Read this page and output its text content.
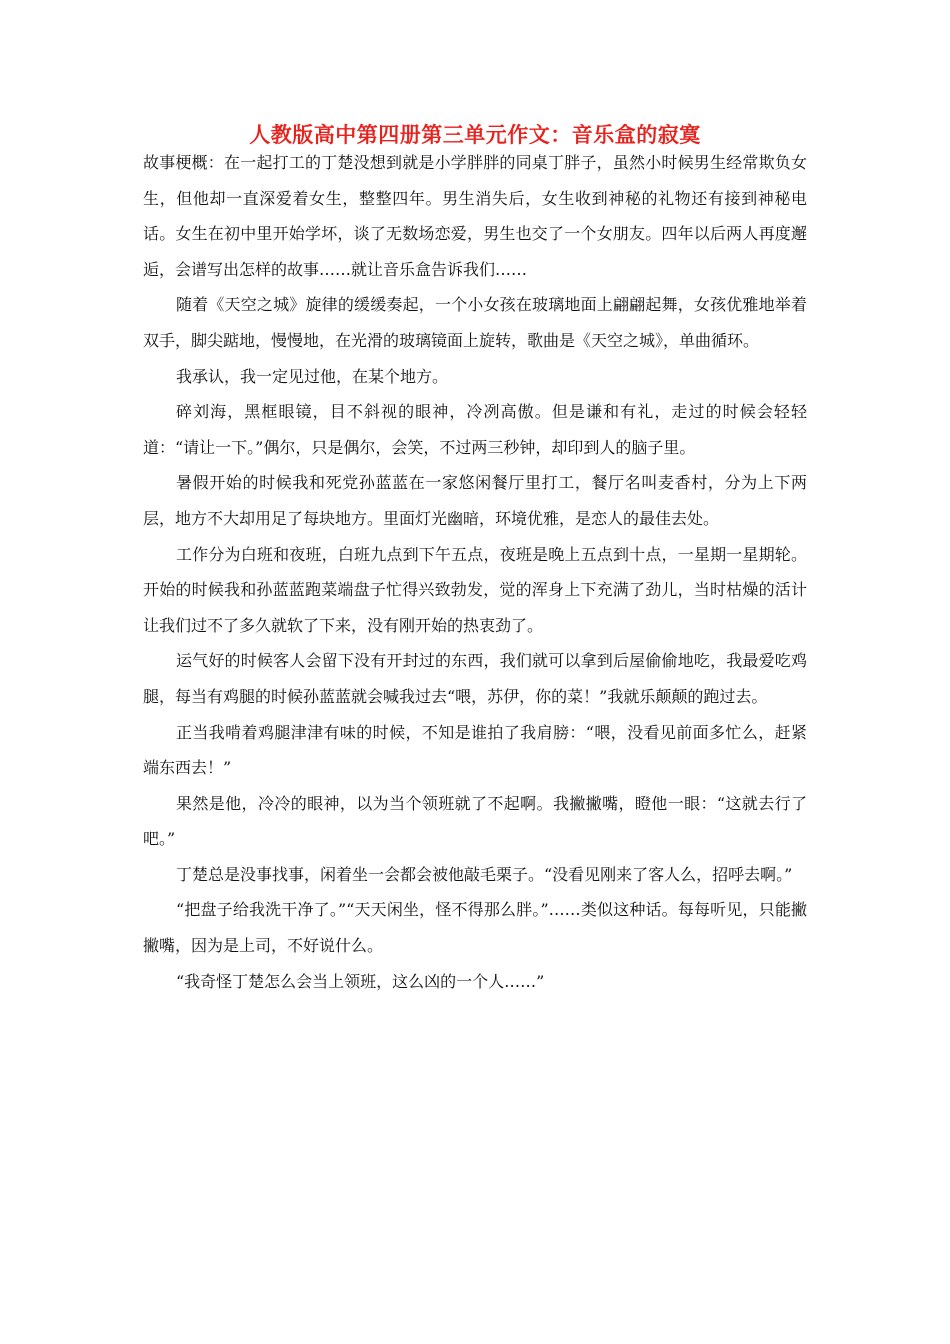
人教版高中第四册第三单元作文：音乐盒的寂寞

故事梗概：在一起打工的丁楚没想到就是小学胖胖的同桌丁胖子，虽然小时候男生经常欺负女生，但他却一直深爱着女生，整整四年。男生消失后，女生收到神秘的礼物还有接到神秘电话。女生在初中里开始学坏，谈了无数场恋爱，男生也交了一个女朋友。四年以后两人再度邂逅，会谱写出怎样的故事……就让音乐盒告诉我们……

随着《天空之城》旋律的缓缓奏起，一个小女孩在玻璃地面上翩翩起舞，女孩优雅地举着双手，脚尖踮地，慢慢地，在光滑的玻璃镜面上旋转，歌曲是《天空之城》，单曲循环。

我承认，我一定见过他，在某个地方。

碎刘海，黑框眼镜，目不斜视的眼神，冷冽高傲。但是谦和有礼，走过的时候会轻轻道：“请让一下。”偶尔，只是偶尔，会笑，不过两三秒钟，却印到人的脑子里。

暑假开始的时候我和死党孙蓝蓝在一家悠闲餐厅里打工，餐厅名叫麦香村，分为上下两层，地方不大却用足了每块地方。里面灯光幽暗，环境优雅，是恋人的最佳去处。

工作分为白班和夜班，白班九点到下午五点，夜班是晚上五点到十点，一星期一星期轮。开始的时候我和孙蓝蓝跑菜端盘子忙得兴致勃发，觉的浑身上下充满了劲儿，当时枯燥的活计让我们过不了多久就软了下来，没有刚开始的热衷劲了。

运气好的时候客人会留下没有开封过的东西，我们就可以拿到后屋偷偷地吃，我最爱吃鸡腿，每当有鸡腿的时候孙蓝蓝就会喊我过去“喂，苏伊，你的菜！”我就乐颠颠的跑过去。

正当我啃着鸡腿津津有味的时候，不知是谁拍了我肩膀：“喂，没看见前面多忙么，赶紧端东西去！”

果然是他，冷冷的眼神，以为当个领班就了不起啊。我撇撇嘴，瞪他一眼：“这就去行了吧。”

丁楚总是没事找事，闲着坐一会都会被他敲毛栗子。“没看见刚来了客人么，招呼去啊。”

“把盘子给我洗干净了。”“天天闲坐，怪不得那么胖。”……类似这种话。每每听见，只能撇撇嘴，因为是上司，不好说什么。

“我奇怪丁楚怎么会当上领班，这么凶的一个人……”
